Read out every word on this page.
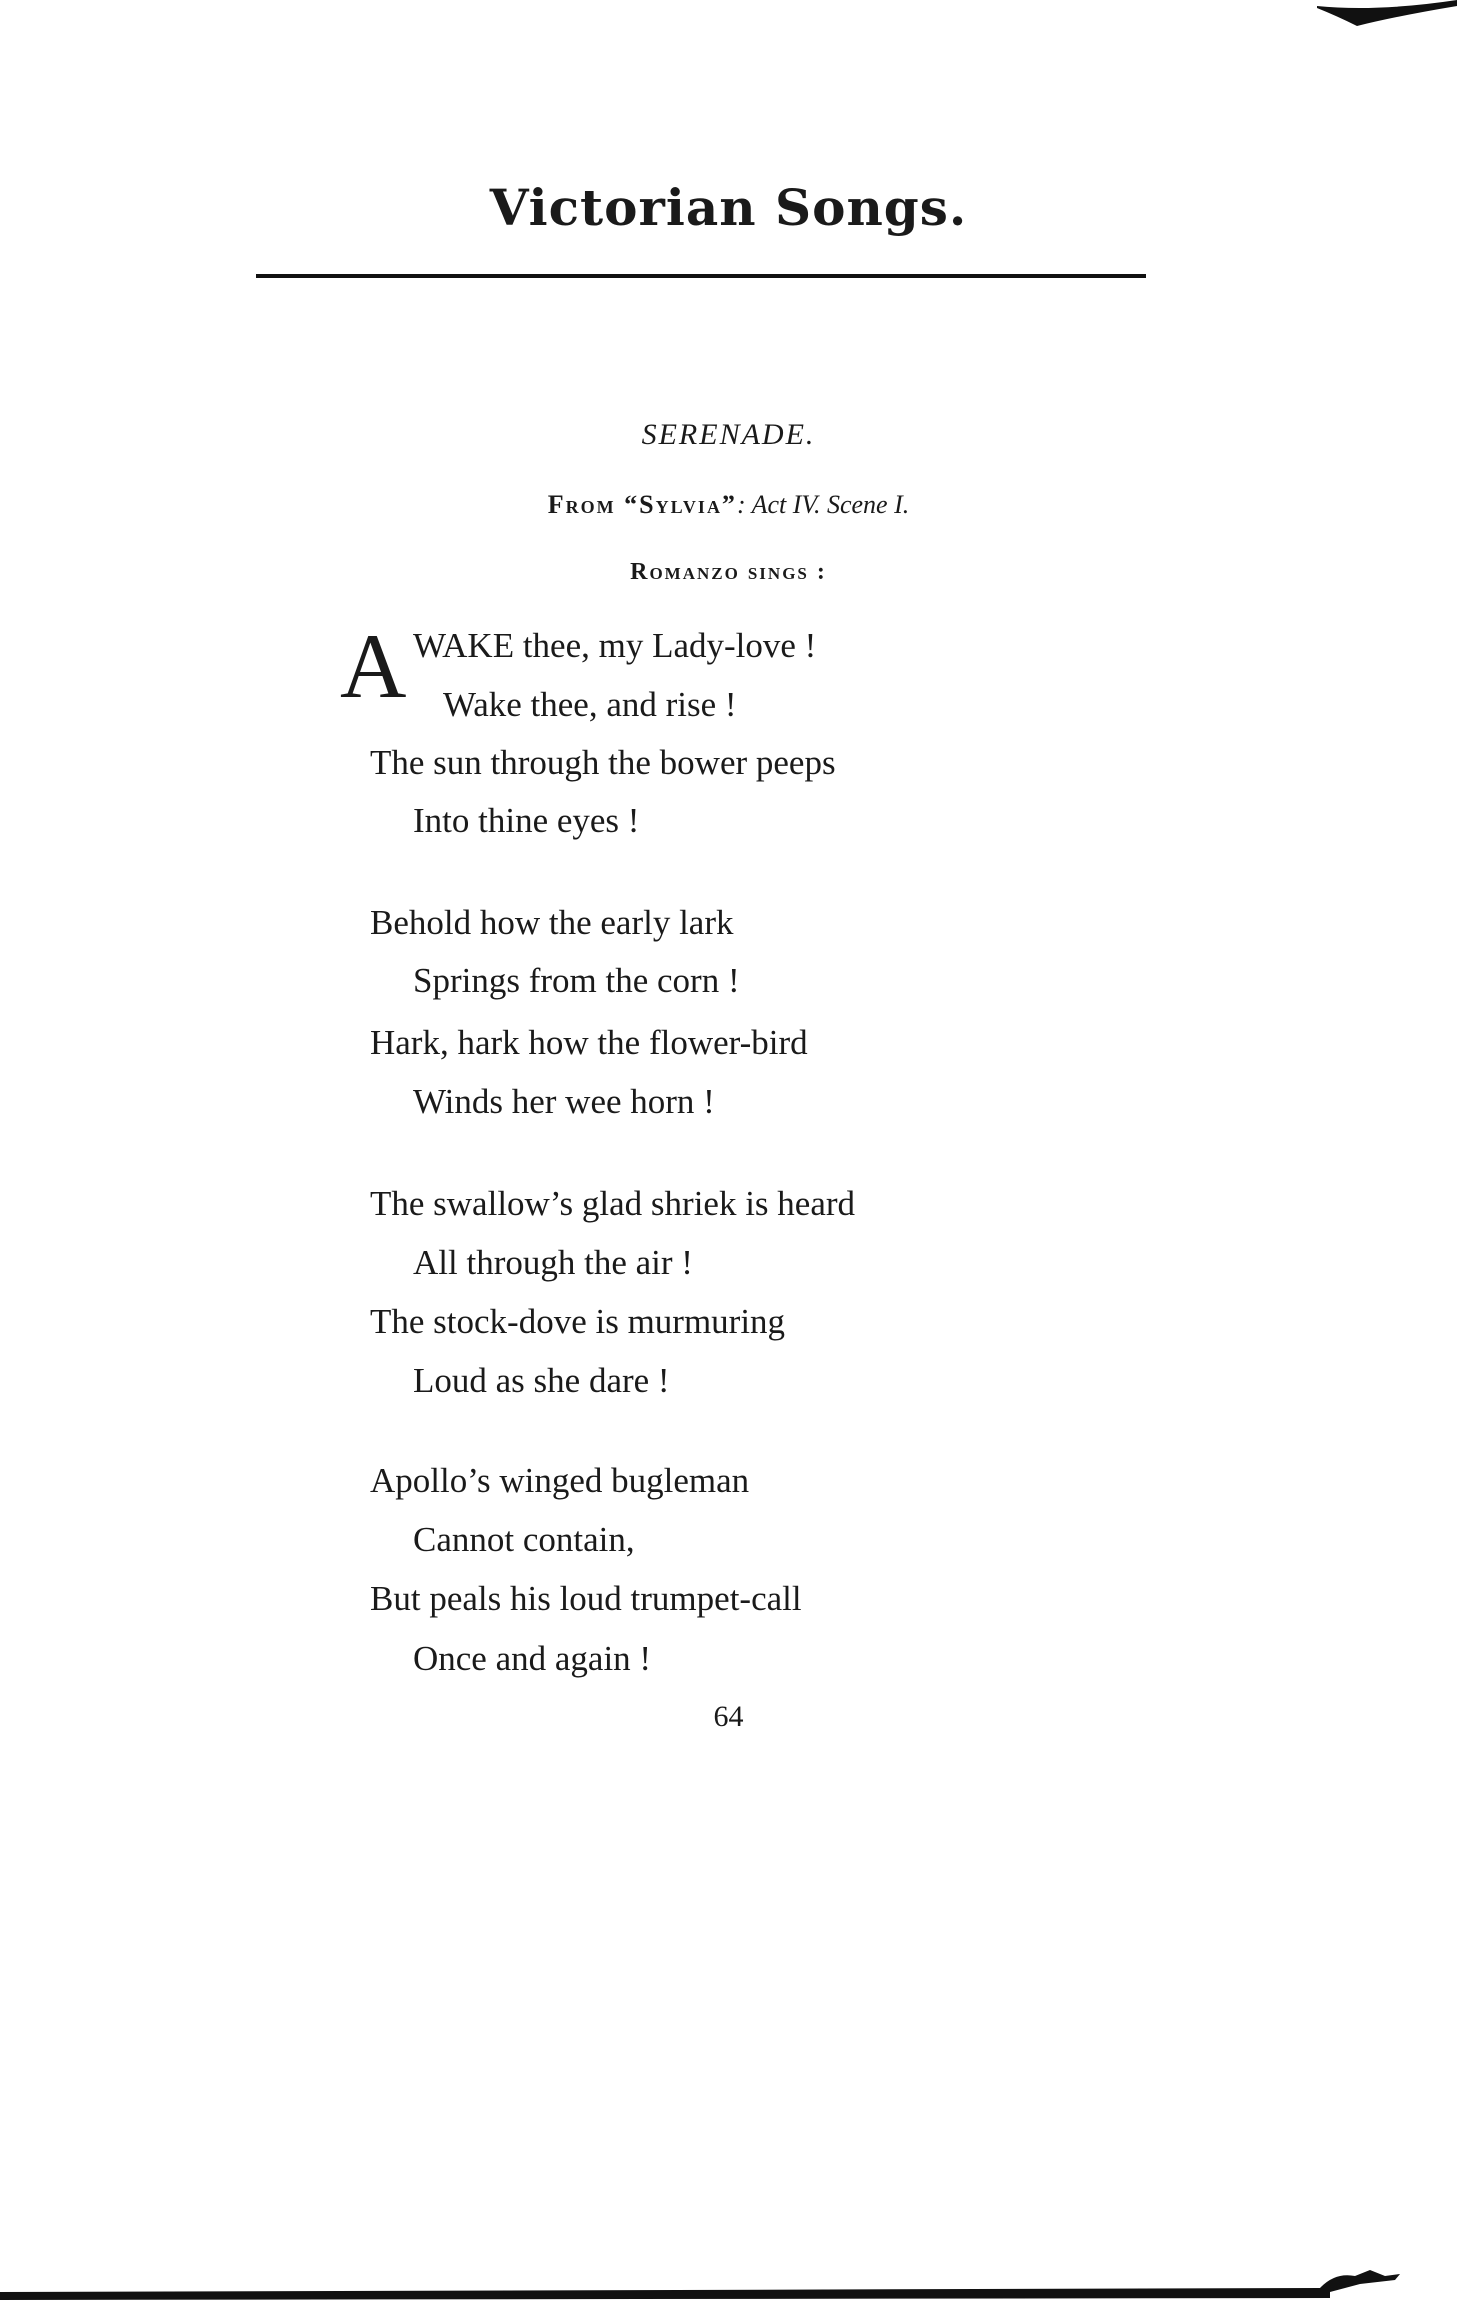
Victorian Songs.
SERENADE.
From “Sylvia”: Act IV. Scene I.
Romanzo sings :
A WAKE thee, my Lady-love !
Wake thee, and rise !
The sun through the bower peeps
Into thine eyes !
Behold how the early lark
Springs from the corn !
Hark, hark how the flower-bird
Winds her wee horn !
The swallow’s glad shriek is heard
All through the air !
The stock-dove is murmuring
Loud as she dare !
Apollo’s winged bugleman
Cannot contain,
But peals his loud trumpet-call
Once and again !
64
